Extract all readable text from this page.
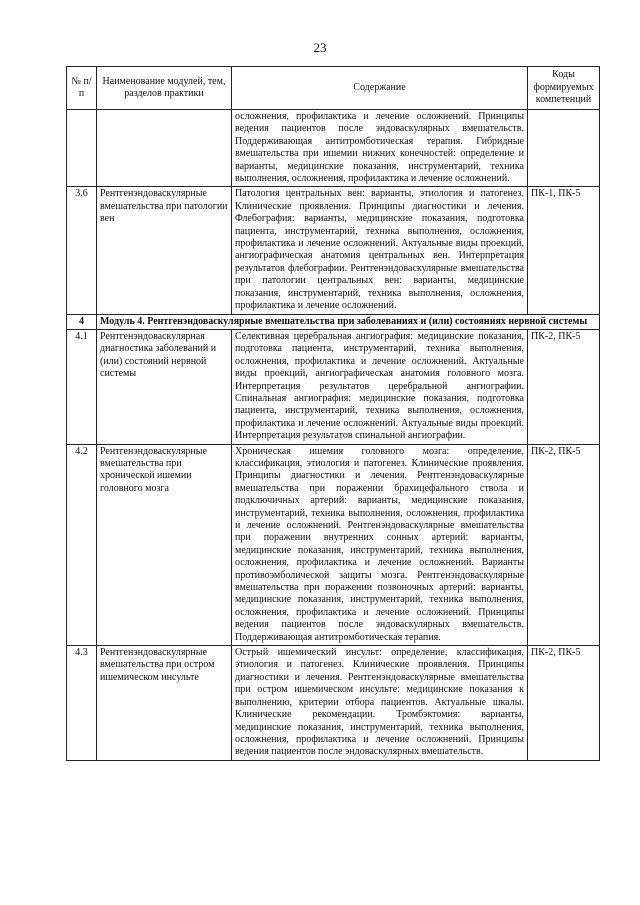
23
№ п/п	Наименование модулей, тем, разделов практики	Содержание	Коды формируемых компетенций
		осложнения, профилактика и лечение осложнений. Принципы ведения пациентов после эндоваскулярных вмешательств. Поддерживающая антитромботическая терапия. Гибридные вмешательства при ишемии нижних конечностей: определение и варианты, медицинские показания, инструментарий, техника выполнения, осложнения, профилактика и лечение осложнений.	
3.6	Рентгенэндоваскулярные вмешательства при патологии вен	Патология центральных вен: варианты, этиология и патогенез. Клинические проявления. Принципы диагностики и лечения. Флебография: варианты, медицинские показания, подготовка пациента, инструментарий, техника выполнения, осложнения, профилактика и лечение осложнений. Актуальные виды проекций, ангиографическая анатомия центральных вен. Интерпретация результатов флебографии. Рентгенэндоваскулярные вмешательства при патологии центральных вен: варианты, медицинские показания, инструментарий, техника выполнения, осложнения, профилактика и лечение осложнений.	ПК-1, ПК-5
4	Модуль 4. Рентгенэндоваскулярные вмешательства при заболеваниях и (или) состояниях нервной системы		
4.1	Рентгенэндоваскулярная диагностика заболеваний и (или) состояний нервной системы	Селективная церебральная ангиография: медицинские показания, подготовка пациента, инструментарий, техника выполнения, осложнения, профилактика и лечение осложнений. Актуальные виды проекций, ангиографическая анатомия головного мозга. Интерпретация результатов церебральной ангиографии. Спинальная ангиография: медицинские показания, подготовка пациента, инструментарий, техника выполнения, осложнения, профилактика и лечение осложнений. Актуальные виды проекций. Интерпретация результатов спинальной ангиографии.	ПК-2, ПК-5
4.2	Рентгенэндоваскулярные вмешательства при хронической ишемии головного мозга	Хроническая ишемия головного мозга: определение, классификация, этиология и патогенез. Клинические проявления. Принципы диагностики и лечения. Рентгенэндоваскулярные вмешательства при поражении брахицефального ствола и подключичных артерий: варианты, медицинские показания, инструментарий, техника выполнения, осложнения, профилактика и лечение осложнений. Рентгенэндоваскулярные вмешательства при поражении внутренних сонных артерий: варианты, медицинские показания, инструментарий, техника выполнения, осложнения, профилактика и лечение осложнений. Варианты противоэмболической защиты мозга. Рентгенэндоваскулярные вмешательства при поражении позвоночных артерий: варианты, медицинские показания, инструментарий, техника выполнения, осложнения, профилактика и лечение осложнений. Принципы ведения пациентов после эндоваскулярных вмешательств. Поддерживающая антитромботическая терапия.	ПК-2, ПК-5
4.3	Рентгенэндоваскулярные вмешательства при остром ишемическом инсульте	Острый ишемический инсульт: определение, классификация, этиология и патогенез. Клинические проявления. Принципы диагностики и лечения. Рентгенэндоваскулярные вмешательства при остром ишемическом инсульте: медицинские показания к выполнению, критерии отбора пациентов. Актуальные шкалы. Клинические рекомендации. Тромбэктомия: варианты, медицинские показания, инструментарий, техника выполнения, осложнения, профилактика и лечение осложнений. Принципы ведения пациентов после эндоваскулярных вмешательств.	ПК-2, ПК-5
